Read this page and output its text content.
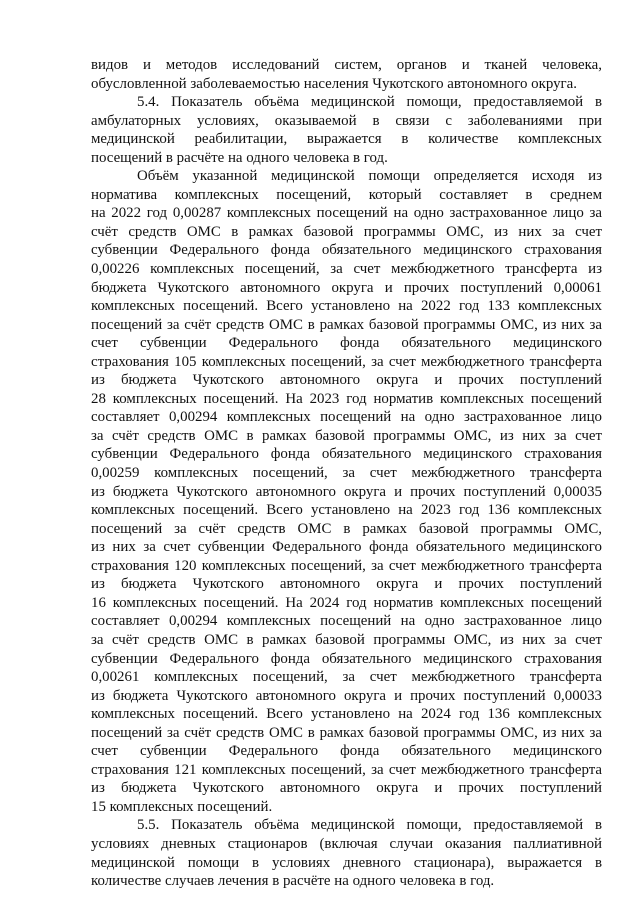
видов и методов исследований систем, органов и тканей человека,
обусловленной заболеваемостью населения Чукотского автономного округа.
5.4. Показатель объёма медицинской помощи, предоставляемой в
амбулаторных условиях, оказываемой в связи с заболеваниями при
медицинской реабилитации, выражается в количестве комплексных
посещений в расчёте на одного человека в год.
Объём указанной медицинской помощи определяется исходя из
норматива комплексных посещений, который составляет в среднем
на 2022 год 0,00287 комплексных посещений на одно застрахованное лицо за
счёт средств ОМС в рамках базовой программы ОМС, из них за счет
субвенции Федерального фонда обязательного медицинского страхования
0,00226 комплексных посещений, за счет межбюджетного трансферта из
бюджета Чукотского автономного округа и прочих поступлений 0,00061
комплексных посещений. Всего установлено на 2022 год 133 комплексных
посещений за счёт средств ОМС в рамках базовой программы ОМС, из них за
счет субвенции Федерального фонда обязательного медицинского
страхования 105 комплексных посещений, за счет межбюджетного трансферта
из бюджета Чукотского автономного округа и прочих поступлений
28 комплексных посещений. На 2023 год норматив комплексных посещений
составляет 0,00294 комплексных посещений на одно застрахованное лицо
за счёт средств ОМС в рамках базовой программы ОМС, из них за счет
субвенции Федерального фонда обязательного медицинского страхования
0,00259 комплексных посещений, за счет межбюджетного трансферта
из бюджета Чукотского автономного округа и прочих поступлений 0,00035
комплексных посещений. Всего установлено на 2023 год 136 комплексных
посещений за счёт средств ОМС в рамках базовой программы ОМС,
из них за счет субвенции Федерального фонда обязательного медицинского
страхования 120 комплексных посещений, за счет межбюджетного трансферта
из бюджета Чукотского автономного округа и прочих поступлений
16 комплексных посещений. На 2024 год норматив комплексных посещений
составляет 0,00294 комплексных посещений на одно застрахованное лицо
за счёт средств ОМС в рамках базовой программы ОМС, из них за счет
субвенции Федерального фонда обязательного медицинского страхования
0,00261 комплексных посещений, за счет межбюджетного трансферта
из бюджета Чукотского автономного округа и прочих поступлений 0,00033
комплексных посещений. Всего установлено на 2024 год 136 комплексных
посещений за счёт средств ОМС в рамках базовой программы ОМС, из них за
счет субвенции Федерального фонда обязательного медицинского
страхования 121 комплексных посещений, за счет межбюджетного трансферта
из бюджета Чукотского автономного округа и прочих поступлений
15 комплексных посещений.
5.5. Показатель объёма медицинской помощи, предоставляемой в
условиях дневных стационаров (включая случаи оказания паллиативной
медицинской помощи в условиях дневного стационара), выражается в
количестве случаев лечения в расчёте на одного человека в год.
